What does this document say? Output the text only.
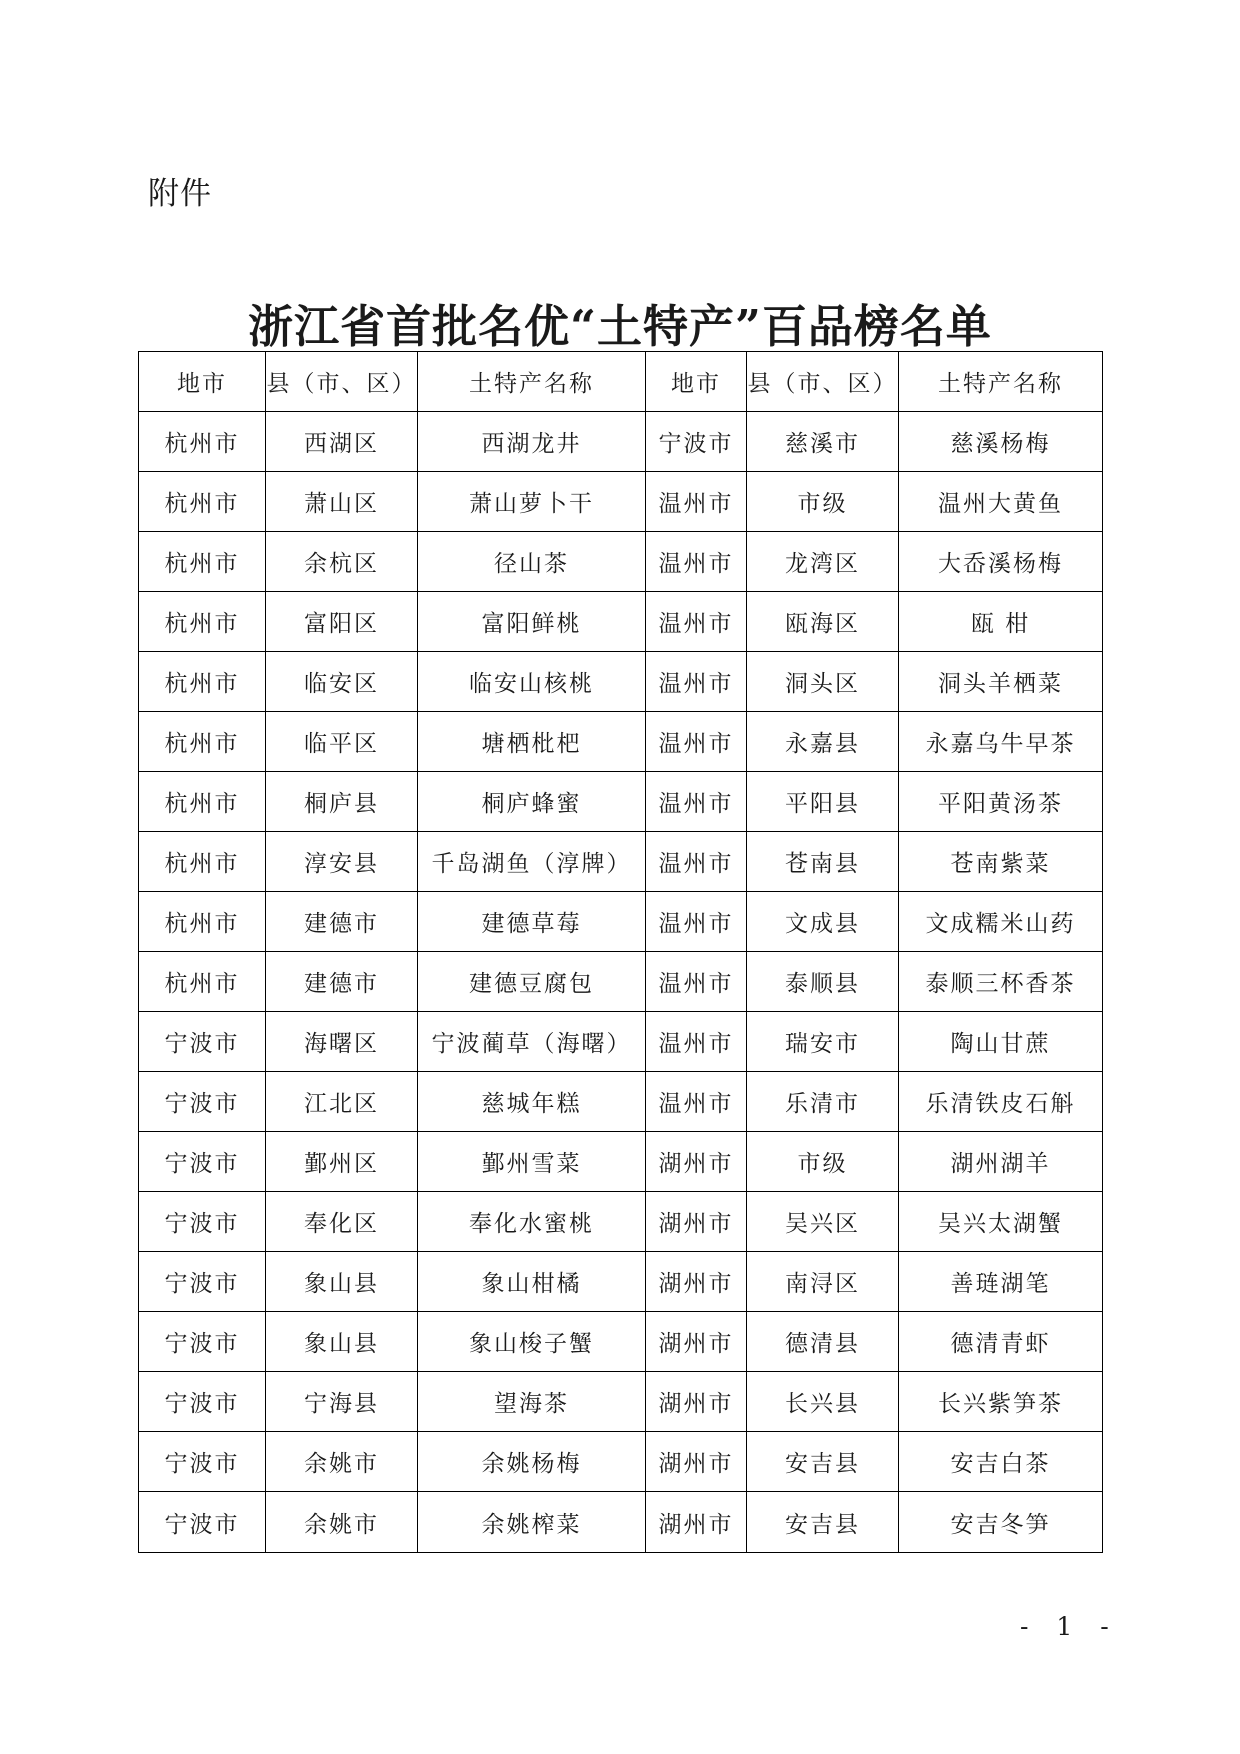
附件
浙江省首批名优“土特产”百品榜名单
地市	县（市、区）	土特产名称	地市	县（市、区）	土特产名称
杭州市	西湖区	西湖龙井	宁波市	慈溪市	慈溪杨梅
杭州市	萧山区	萧山萝卜干	温州市	市级	温州大黄鱼
杭州市	余杭区	径山茶	温州市	龙湾区	大岙溪杨梅
杭州市	富阳区	富阳鲜桃	温州市	瓯海区	瓯 柑
杭州市	临安区	临安山核桃	温州市	洞头区	洞头羊栖菜
杭州市	临平区	塘栖枇杷	温州市	永嘉县	永嘉乌牛早茶
杭州市	桐庐县	桐庐蜂蜜	温州市	平阳县	平阳黄汤茶
杭州市	淳安县	千岛湖鱼（淳牌）	温州市	苍南县	苍南紫菜
杭州市	建德市	建德草莓	温州市	文成县	文成糯米山药
杭州市	建德市	建德豆腐包	温州市	泰顺县	泰顺三杯香茶
宁波市	海曙区	宁波蔺草（海曙）	温州市	瑞安市	陶山甘蔗
宁波市	江北区	慈城年糕	温州市	乐清市	乐清铁皮石斛
宁波市	鄞州区	鄞州雪菜	湖州市	市级	湖州湖羊
宁波市	奉化区	奉化水蜜桃	湖州市	吴兴区	吴兴太湖蟹
宁波市	象山县	象山柑橘	湖州市	南浔区	善琏湖笔
宁波市	象山县	象山梭子蟹	湖州市	德清县	德清青虾
宁波市	宁海县	望海茶	湖州市	长兴县	长兴紫笋茶
宁波市	余姚市	余姚杨梅	湖州市	安吉县	安吉白茶
宁波市	余姚市	余姚榨菜	湖州市	安吉县	安吉冬笋
- 1 -
